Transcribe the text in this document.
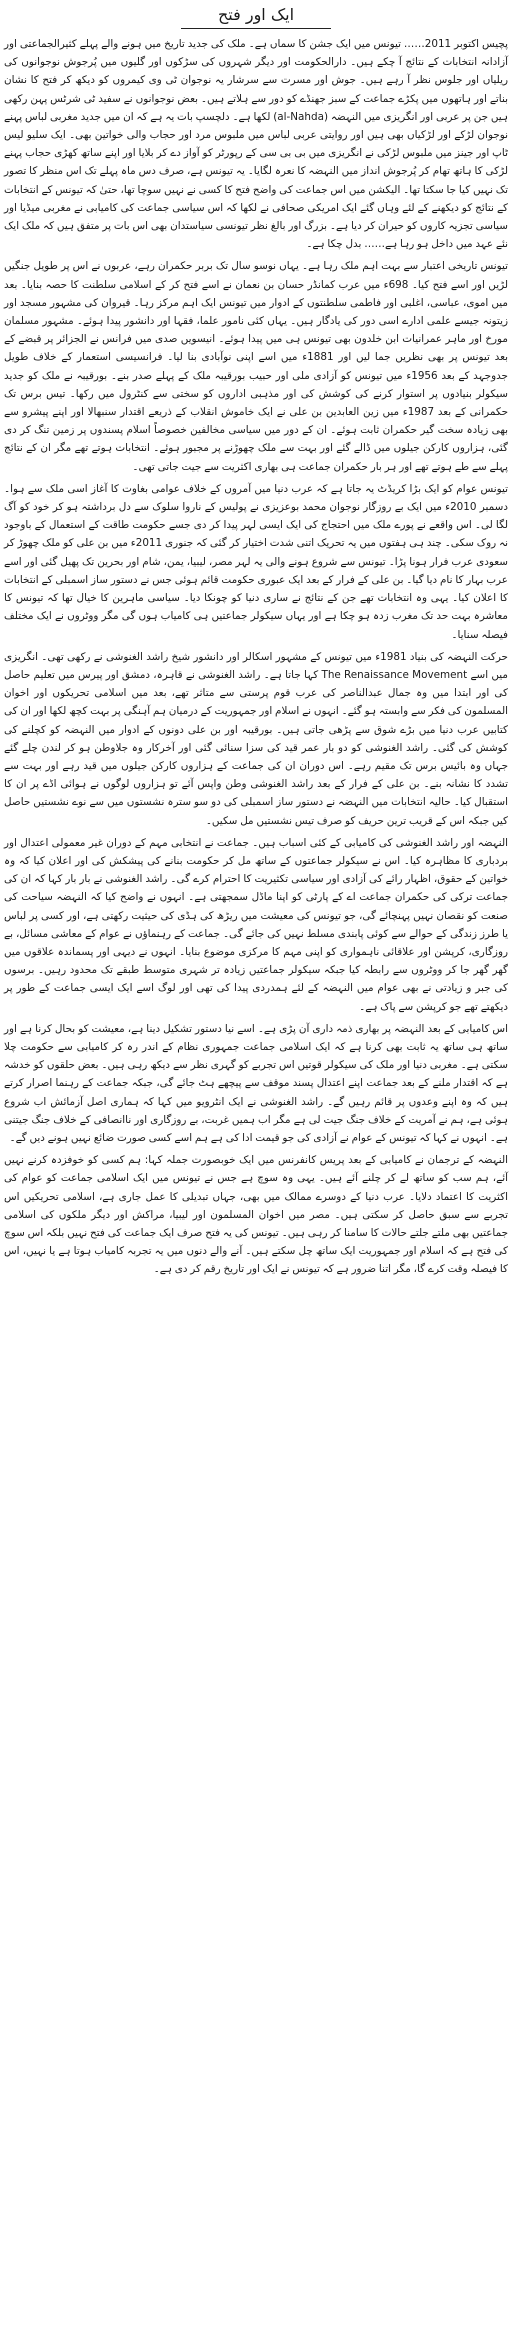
ایک اور فتح

پچیس اکتوبر 2011…… تیونس میں ایک جشن کا سماں ہے۔ ملک کی جدید تاریخ میں ہونے والے پہلے کثیرالجماعتی اور آزادانہ انتخابات کے نتائج آ چکے ہیں۔ دارالحکومت اور دیگر شہروں کی سڑکوں اور گلیوں میں پُرجوش نوجوانوں کی ریلیاں اور جلوس نظر آ رہے ہیں۔ جوش اور مسرت سے سرشار یہ نوجوان ٹی وی کیمروں کو دیکھ کر فتح کا نشان بناتے اور ہاتھوں میں پکڑے جماعت کے سبز جھنڈے کو دور سے ہلاتے ہیں۔ بعض نوجوانوں نے سفید ٹی شرٹس پہن رکھی ہیں جن پر عربی اور انگریزی میں النہضہ (al-Nahda) لکھا ہے۔ دلچسپ بات یہ ہے کہ ان میں جدید مغربی لباس پہنے نوجوان لڑکے اور لڑکیاں بھی ہیں اور روایتی عربی لباس میں ملبوس مرد اور حجاب والی خواتین بھی۔ ایک سلیو لیس ٹاپ اور جینز میں ملبوس لڑکی نے انگریزی میں بی بی سی کے رپورٹر کو آواز دے کر بلایا اور اپنے ساتھ کھڑی حجاب پہنے لڑکی کا ہاتھ تھام کر پُرجوش انداز میں النہضہ کا نعرہ لگایا۔ یہ تیونس ہے، صرف دس ماہ پہلے تک اس منظر کا تصور تک نہیں کیا جا سکتا تھا۔ الیکشن میں اس جماعت کی واضح فتح کا کسی نے نہیں سوچا تھا، حتیٰ کہ تیونس کے انتخابات کے نتائج کو دیکھنے کے لئے وہاں گئے ایک امریکی صحافی نے لکھا کہ اس سیاسی جماعت کی کامیابی نے مغربی میڈیا اور سیاسی تجزیہ کاروں کو حیران کر دیا ہے۔ بزرگ اور بالغ نظر تیونسی سیاستدان بھی اس بات پر متفق ہیں کہ ملک ایک نئے عہد میں داخل ہو رہا ہے…… بدل چکا ہے۔

تیونس تاریخی اعتبار سے بہت اہم ملک رہا ہے۔ یہاں نوسو سال تک بربر حکمران رہے، عربوں نے اس پر طویل جنگیں لڑیں اور اسے فتح کیا۔ 698ء میں عرب کمانڈر حسان بن نعمان نے اسے فتح کر کے اسلامی سلطنت کا حصہ بنایا۔ بعد میں اموی، عباسی، اغلبی اور فاطمی سلطنتوں کے ادوار میں تیونس ایک اہم مرکز رہا۔ قیروان کی مشہور مسجد اور زیتونہ جیسے علمی ادارے اسی دور کی یادگار ہیں۔ یہاں کئی نامور علما، فقہا اور دانشور پیدا ہوئے۔ مشہور مسلمان مورخ اور ماہر عمرانیات ابن خلدون بھی تیونس ہی میں پیدا ہوئے۔ انیسویں صدی میں فرانس نے الجزائر پر قبضے کے بعد تیونس پر بھی نظریں جما لیں اور 1881ء میں اسے اپنی نوآبادی بنا لیا۔ فرانسیسی استعمار کے خلاف طویل جدوجہد کے بعد 1956ء میں تیونس کو آزادی ملی اور حبیب بورقیبہ ملک کے پہلے صدر بنے۔ بورقیبہ نے ملک کو جدید سیکولر بنیادوں پر استوار کرنے کی کوشش کی اور مذہبی اداروں کو سختی سے کنٹرول میں رکھا۔ تیس برس تک حکمرانی کے بعد 1987ء میں زین العابدین بن علی نے ایک خاموش انقلاب کے ذریعے اقتدار سنبھالا اور اپنے پیشرو سے بھی زیادہ سخت گیر حکمران ثابت ہوئے۔ ان کے دور میں سیاسی مخالفین خصوصاً اسلام پسندوں پر زمین تنگ کر دی گئی، ہزاروں کارکن جیلوں میں ڈالے گئے اور بہت سے ملک چھوڑنے پر مجبور ہوئے۔ انتخابات ہوتے تھے مگر ان کے نتائج پہلے سے طے ہوتے تھے اور ہر بار حکمران جماعت ہی بھاری اکثریت سے جیت جاتی تھی۔

تیونس عوام کو ایک بڑا کریڈٹ یہ جاتا ہے کہ عرب دنیا میں آمروں کے خلاف عوامی بغاوت کا آغاز اسی ملک سے ہوا۔ دسمبر 2010ء میں ایک بے روزگار نوجوان محمد بوعزیزی نے پولیس کے ناروا سلوک سے دل برداشتہ ہو کر خود کو آگ لگا لی۔ اس واقعے نے پورے ملک میں احتجاج کی ایک ایسی لہر پیدا کر دی جسے حکومت طاقت کے استعمال کے باوجود نہ روک سکی۔ چند ہی ہفتوں میں یہ تحریک اتنی شدت اختیار کر گئی کہ جنوری 2011ء میں بن علی کو ملک چھوڑ کر سعودی عرب فرار ہونا پڑا۔ تیونس سے شروع ہونے والی یہ لہر مصر، لیبیا، یمن، شام اور بحرین تک پھیل گئی اور اسے عرب بہار کا نام دیا گیا۔ بن علی کے فرار کے بعد ایک عبوری حکومت قائم ہوئی جس نے دستور ساز اسمبلی کے انتخابات کا اعلان کیا۔ یہی وہ انتخابات تھے جن کے نتائج نے ساری دنیا کو چونکا دیا۔ سیاسی ماہرین کا خیال تھا کہ تیونس کا معاشرہ بہت حد تک مغرب زدہ ہو چکا ہے اور یہاں سیکولر جماعتیں ہی کامیاب ہوں گی مگر ووٹروں نے ایک مختلف فیصلہ سنایا۔

حرکت النہضہ کی بنیاد 1981ء میں تیونس کے مشہور اسکالر اور دانشور شیخ راشد الغنوشی نے رکھی تھی۔ انگریزی میں اسے The Renaissance Movement کہا جاتا ہے۔ راشد الغنوشی نے قاہرہ، دمشق اور پیرس میں تعلیم حاصل کی اور ابتدا میں وہ جمال عبدالناصر کی عرب قوم پرستی سے متاثر تھے، بعد میں اسلامی تحریکوں اور اخوان المسلمون کی فکر سے وابستہ ہو گئے۔ انہوں نے اسلام اور جمہوریت کے درمیان ہم آہنگی پر بہت کچھ لکھا اور ان کی کتابیں عرب دنیا میں بڑے شوق سے پڑھی جاتی ہیں۔ بورقیبہ اور بن علی دونوں کے ادوار میں النہضہ کو کچلنے کی کوشش کی گئی۔ راشد الغنوشی کو دو بار عمر قید کی سزا سنائی گئی اور آخرکار وہ جلاوطن ہو کر لندن چلے گئے جہاں وہ بائیس برس تک مقیم رہے۔ اس دوران ان کی جماعت کے ہزاروں کارکن جیلوں میں قید رہے اور بہت سے تشدد کا نشانہ بنے۔ بن علی کے فرار کے بعد راشد الغنوشی وطن واپس آئے تو ہزاروں لوگوں نے ہوائی اڈے پر ان کا استقبال کیا۔ حالیہ انتخابات میں النہضہ نے دستور ساز اسمبلی کی دو سو سترہ نشستوں میں سے نوے نشستیں حاصل کیں جبکہ اس کے قریب ترین حریف کو صرف تیس نشستیں مل سکیں۔

النہضہ اور راشد الغنوشی کی کامیابی کے کئی اسباب ہیں۔ جماعت نے انتخابی مہم کے دوران غیر معمولی اعتدال اور بردباری کا مظاہرہ کیا۔ اس نے سیکولر جماعتوں کے ساتھ مل کر حکومت بنانے کی پیشکش کی اور اعلان کیا کہ وہ خواتین کے حقوق، اظہار رائے کی آزادی اور سیاسی تکثیریت کا احترام کرے گی۔ راشد الغنوشی نے بار بار کہا کہ ان کی جماعت ترکی کی حکمران جماعت اے کے پارٹی کو اپنا ماڈل سمجھتی ہے۔ انہوں نے واضح کیا کہ النہضہ سیاحت کی صنعت کو نقصان نہیں پہنچائے گی، جو تیونس کی معیشت میں ریڑھ کی ہڈی کی حیثیت رکھتی ہے، اور کسی پر لباس یا طرز زندگی کے حوالے سے کوئی پابندی مسلط نہیں کی جائے گی۔ جماعت کے رہنماؤں نے عوام کے معاشی مسائل، بے روزگاری، کرپشن اور علاقائی ناہمواری کو اپنی مہم کا مرکزی موضوع بنایا۔ انہوں نے دیہی اور پسماندہ علاقوں میں گھر گھر جا کر ووٹروں سے رابطہ کیا جبکہ سیکولر جماعتیں زیادہ تر شہری متوسط طبقے تک محدود رہیں۔ برسوں کی جبر و زیادتی نے بھی عوام میں النہضہ کے لئے ہمدردی پیدا کی تھی اور لوگ اسے ایک ایسی جماعت کے طور پر دیکھتے تھے جو کرپشن سے پاک ہے۔

اس کامیابی کے بعد النہضہ پر بھاری ذمہ داری آن پڑی ہے۔ اسے نیا دستور تشکیل دینا ہے، معیشت کو بحال کرنا ہے اور ساتھ ہی ساتھ یہ ثابت بھی کرنا ہے کہ ایک اسلامی جماعت جمہوری نظام کے اندر رہ کر کامیابی سے حکومت چلا سکتی ہے۔ مغربی دنیا اور ملک کی سیکولر قوتیں اس تجربے کو گہری نظر سے دیکھ رہی ہیں۔ بعض حلقوں کو خدشہ ہے کہ اقتدار ملنے کے بعد جماعت اپنے اعتدال پسند موقف سے پیچھے ہٹ جائے گی، جبکہ جماعت کے رہنما اصرار کرتے ہیں کہ وہ اپنے وعدوں پر قائم رہیں گے۔ راشد الغنوشی نے ایک انٹرویو میں کہا کہ ہماری اصل آزمائش اب شروع ہوئی ہے، ہم نے آمریت کے خلاف جنگ جیت لی ہے مگر اب ہمیں غربت، بے روزگاری اور ناانصافی کے خلاف جنگ جیتنی ہے۔ انہوں نے کہا کہ تیونس کے عوام نے آزادی کی جو قیمت ادا کی ہے ہم اسے کسی صورت ضائع نہیں ہونے دیں گے۔

النہضہ کے ترجمان نے کامیابی کے بعد پریس کانفرنس میں ایک خوبصورت جملہ کہا: ہم کسی کو خوفزدہ کرنے نہیں آئے، ہم سب کو ساتھ لے کر چلنے آئے ہیں۔ یہی وہ سوچ ہے جس نے تیونس میں ایک اسلامی جماعت کو عوام کی اکثریت کا اعتماد دلایا۔ عرب دنیا کے دوسرے ممالک میں بھی، جہاں تبدیلی کا عمل جاری ہے، اسلامی تحریکیں اس تجربے سے سبق حاصل کر سکتی ہیں۔ مصر میں اخوان المسلمون اور لیبیا، مراکش اور دیگر ملکوں کی اسلامی جماعتیں بھی ملتے جلتے حالات کا سامنا کر رہی ہیں۔ تیونس کی یہ فتح صرف ایک جماعت کی فتح نہیں بلکہ اس سوچ کی فتح ہے کہ اسلام اور جمہوریت ایک ساتھ چل سکتے ہیں۔ آنے والے دنوں میں یہ تجربہ کامیاب ہوتا ہے یا نہیں، اس کا فیصلہ وقت کرے گا، مگر اتنا ضرور ہے کہ تیونس نے ایک اور تاریخ رقم کر دی ہے۔
